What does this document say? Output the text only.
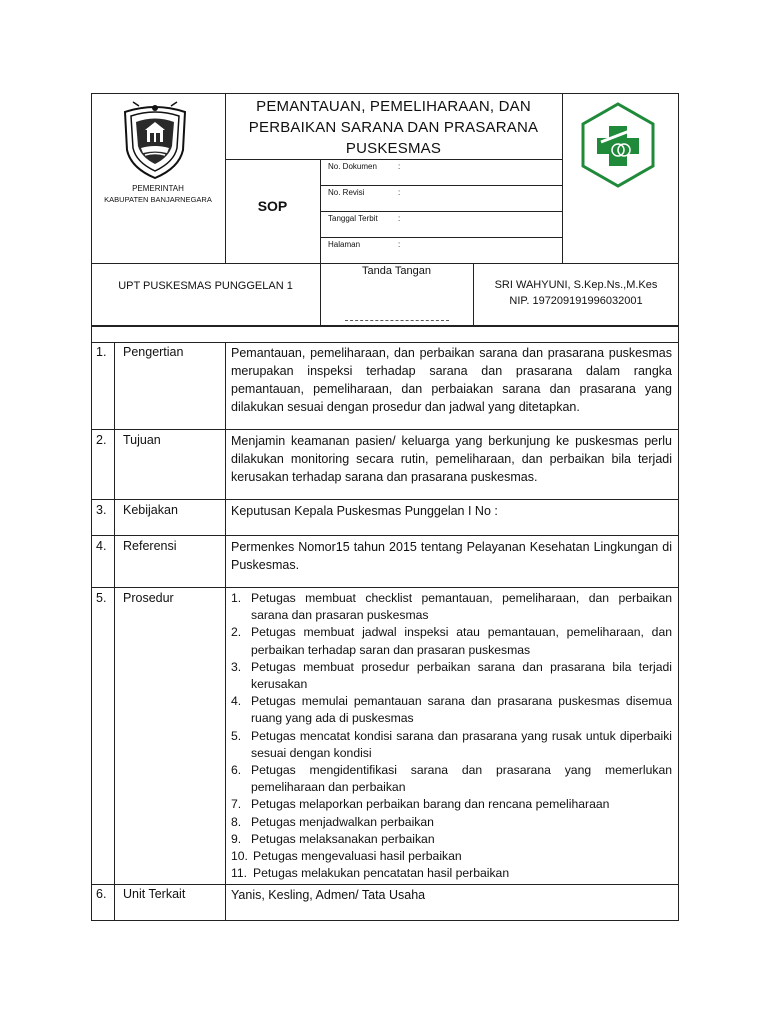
PEMERINTAH
KABUPATEN BANJARNEGARA
PEMANTAUAN, PEMELIHARAAN, DAN
PERBAIKAN SARANA DAN PRASARANA
PUSKESMAS
SOP
No. Dokumen	:
No. Revisi	:
Tanggal Terbit	:
Halaman	:
UPT PUSKESMAS PUNGGELAN 1
Tanda Tangan
SRI WAHYUNI, S.Kep.Ns.,M.Kes
NIP. 197209191996032001
1. Pengertian	Pemantauan, pemeliharaan, dan perbaikan sarana dan prasarana puskesmas merupakan inspeksi terhadap sarana dan prasarana dalam rangka pemantauan, pemeliharaan, dan perbaiakan sarana dan prasarana yang dilakukan sesuai dengan prosedur dan jadwal yang ditetapkan.
2. Tujuan	Menjamin keamanan pasien/ keluarga yang berkunjung ke puskesmas perlu dilakukan monitoring secara rutin, pemeliharaan, dan perbaikan bila terjadi kerusakan terhadap sarana dan prasarana puskesmas.
3. Kebijakan	Keputusan Kepala Puskesmas Punggelan I No :
4. Referensi	Permenkes Nomor15 tahun 2015 tentang Pelayanan Kesehatan Lingkungan di Puskesmas.
5. Prosedur	1. Petugas membuat checklist pemantauan, pemeliharaan, dan perbaikan sarana dan prasaran puskesmas
2. Petugas membuat jadwal inspeksi atau pemantauan, pemeliharaan, dan perbaikan terhadap saran dan prasaran puskesmas
3. Petugas membuat prosedur perbaikan sarana dan prasarana bila terjadi kerusakan
4. Petugas memulai pemantauan sarana dan prasarana puskesmas disemua ruang yang ada di puskesmas
5. Petugas mencatat kondisi sarana dan prasarana yang rusak untuk diperbaiki sesuai dengan kondisi
6. Petugas mengidentifikasi sarana dan prasarana yang memerlukan pemeliharaan dan perbaikan
7. Petugas melaporkan perbaikan barang dan rencana pemeliharaan
8. Petugas menjadwalkan perbaikan
9. Petugas melaksanakan perbaikan
10. Petugas mengevaluasi hasil perbaikan
11. Petugas melakukan pencatatan hasil perbaikan
6. Unit Terkait	Yanis, Kesling, Admen/ Tata Usaha
